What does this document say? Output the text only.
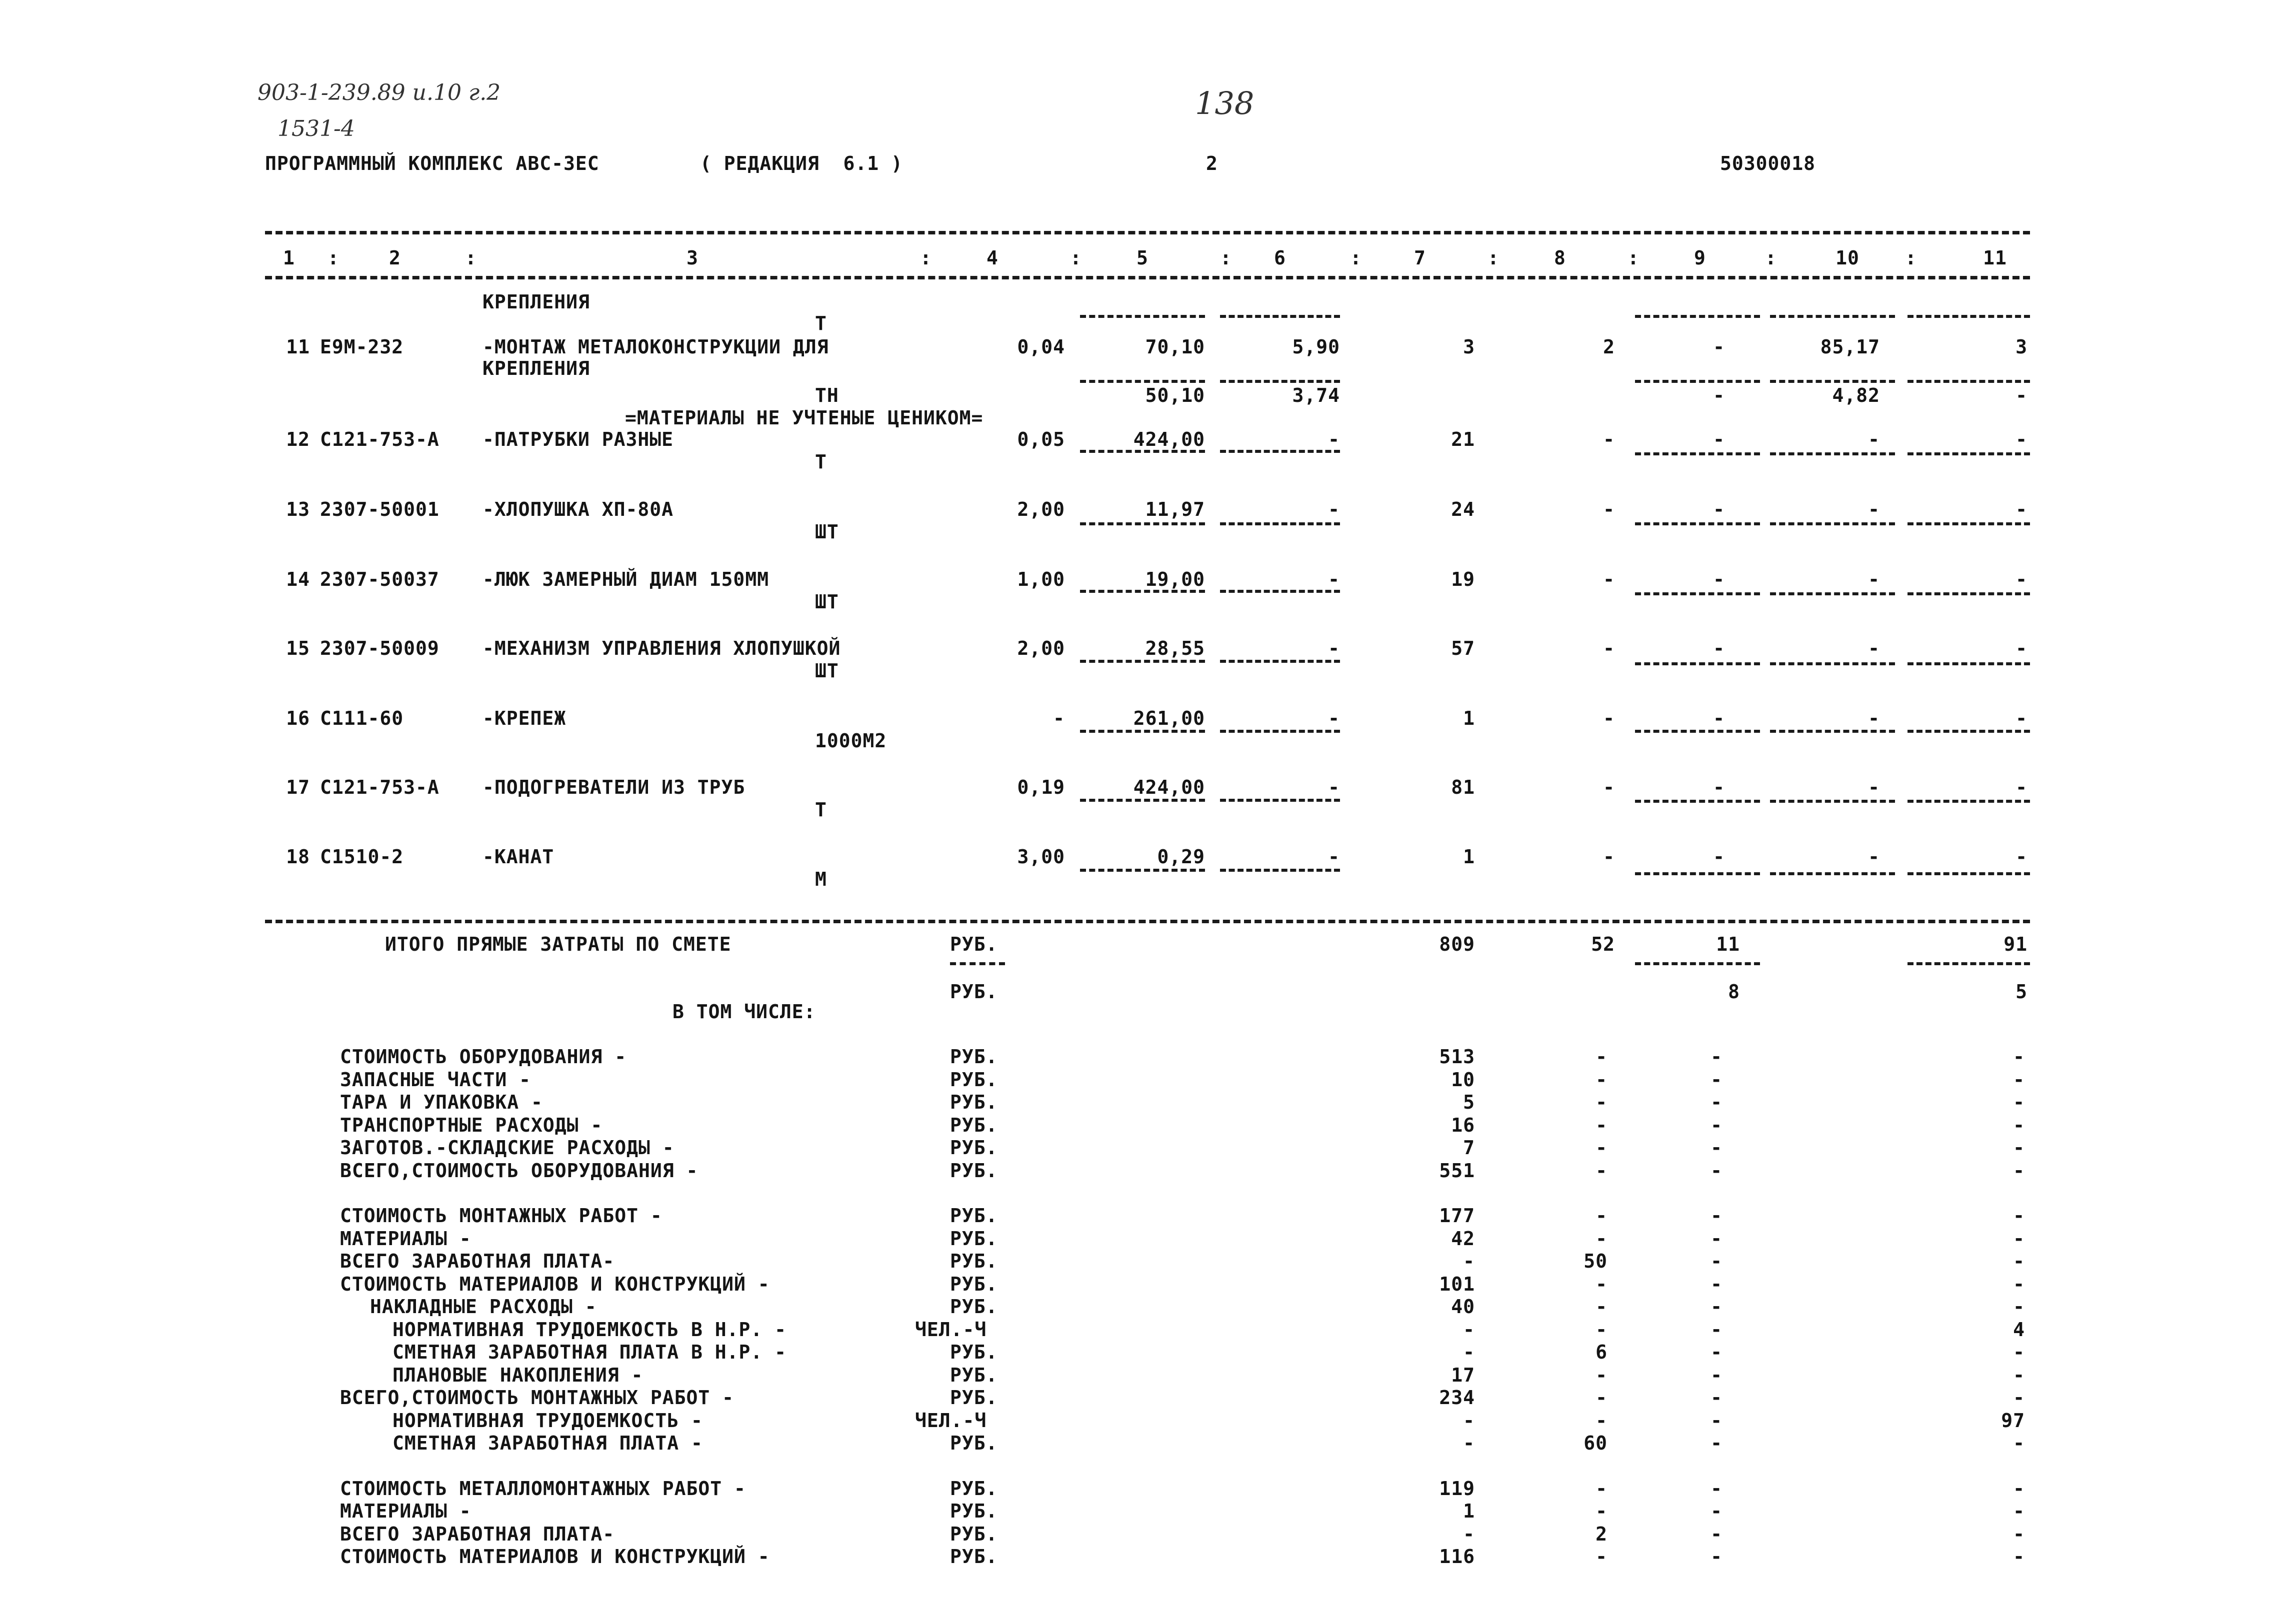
903-1-239.89 и.10 г.2
1531-4
138
ПРОГРАММНЫЙ КОМПЛЕКС АВС-3ЕС	( РЕДАКЦИЯ  6.1 )	2	50300018
1	2	3	4	5	6	7	8	9	10	11
:	:	:	:	:	:	:	:	:	:
КРЕПЛЕНИЯ
Т
11 Е9М-232	-МОНТАЖ МЕТАЛОКОНСТРУКЦИИ ДЛЯ	0,04	70,10	5,90	3	2	-	85,17	3
КРЕПЛЕНИЯ
50,10	3,74	-	4,82	-
ТН
=МАТЕРИАЛЫ НЕ УЧТЕНЫЕ ЦЕНИКОМ=
12 С121-753-А -ПАТРУБКИ РАЗНЫЕ	0,05	424,00	-	21	-	-	-	-
Т
13 2307-50001 -ХЛОПУШКА ХП-80А	2,00	11,97	-	24	-	-	-	-
ШТ
14 2307-50037 -ЛЮК ЗАМЕРНЫЙ ДИАМ 150ММ	1,00	19,00	-	19	-	-	-	-
ШТ
15 2307-50009 -МЕХАНИЗМ УПРАВЛЕНИЯ ХЛОПУШКОЙ	2,00	28,55	-	57	-	-	-	-
ШТ
16 С111-60	-КРЕПЕЖ	-	261,00	-	1	-	-	-	-
1000М2
17 С121-753-А -ПОДОГРЕВАТЕЛИ ИЗ ТРУБ	0,19	424,00	-	81	-	-	-	-
Т
18 С1510-2	-КАНАТ	3,00	0,29	-	1	-	-	-	-
М
ИТОГО ПРЯМЫЕ ЗАТРАТЫ ПО СМЕТЕ	РУБ.	809	52	11	91
РУБ.	8	5
В ТОМ ЧИСЛЕ:
СТОИМОСТЬ ОБОРУДОВАНИЯ -	РУБ.	513	-	-	-
ЗАПАСНЫЕ ЧАСТИ -	РУБ.	10	-	-	-
ТАРА И УПАКОВКА -	РУБ.	5	-	-	-
ТРАНСПОРТНЫЕ РАСХОДЫ -	РУБ.	16	-	-	-
ЗАГОТОВ.-СКЛАДСКИЕ РАСХОДЫ -	РУБ.	7	-	-	-
ВСЕГО,СТОИМОСТЬ ОБОРУДОВАНИЯ -	РУБ.	551	-	-	-
СТОИМОСТЬ МОНТАЖНЫХ РАБОТ -	РУБ.	177	-	-	-
МАТЕРИАЛЫ -	РУБ.	42	-	-	-
ВСЕГО ЗАРАБОТНАЯ ПЛАТА-	РУБ.	-	50	-	-
СТОИМОСТЬ МАТЕРИАЛОВ И КОНСТРУКЦИЙ -	РУБ.	101	-	-	-
НАКЛАДНЫЕ РАСХОДЫ -	РУБ.	40	-	-	-
НОРМАТИВНАЯ ТРУДОЕМКОСТЬ В Н.Р. -	ЧЕЛ.-Ч	-	-	-	4
СМЕТНАЯ ЗАРАБОТНАЯ ПЛАТА В Н.Р. -	РУБ.	-	6	-	-
ПЛАНОВЫЕ НАКОПЛЕНИЯ -	РУБ.	17	-	-	-
ВСЕГО,СТОИМОСТЬ МОНТАЖНЫХ РАБОТ -	РУБ.	234	-	-	-
НОРМАТИВНАЯ ТРУДОЕМКОСТЬ -	ЧЕЛ.-Ч	-	-	-	97
СМЕТНАЯ ЗАРАБОТНАЯ ПЛАТА -	РУБ.	-	60	-	-
СТОИМОСТЬ МЕТАЛЛОМОНТАЖНЫХ РАБОТ -	РУБ.	119	-	-	-
МАТЕРИАЛЫ -	РУБ.	1	-	-	-
ВСЕГО ЗАРАБОТНАЯ ПЛАТА-	РУБ.	-	2	-	-
СТОИМОСТЬ МАТЕРИАЛОВ И КОНСТРУКЦИЙ -	РУБ.	116	-	-	-
